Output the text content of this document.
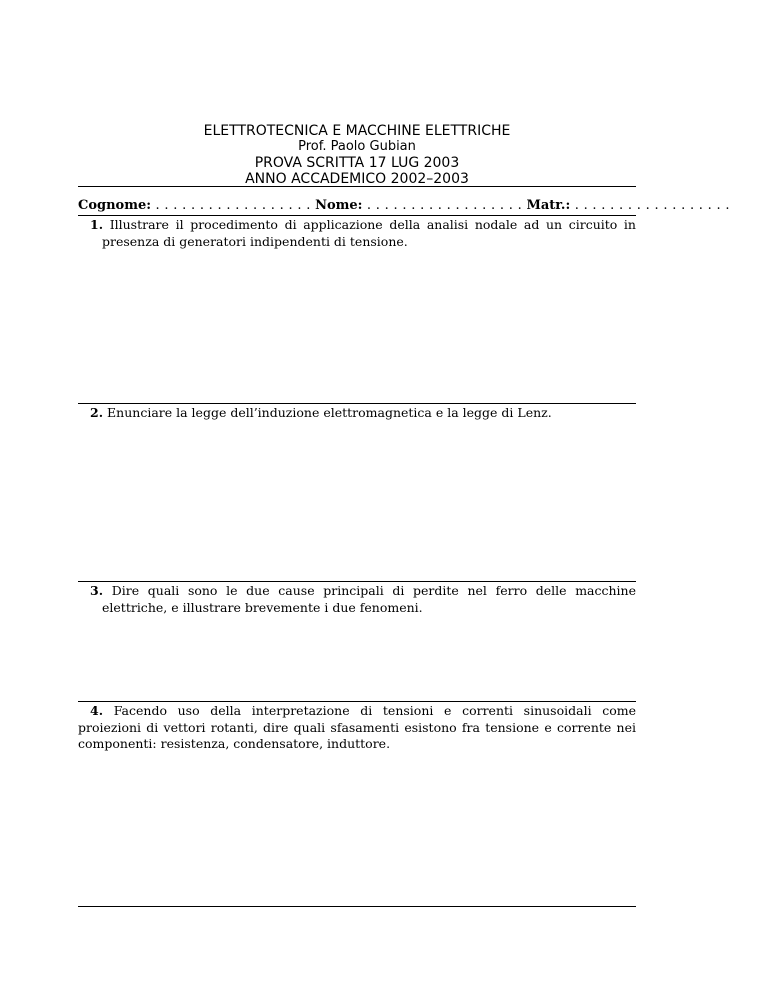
ELETTROTECNICA E MACCHINE ELETTRICHE
Prof. Paolo Gubian
PROVA SCRITTA 17 LUG 2003
ANNO ACCADEMICO 2002–2003
Cognome: . . . . . . . . . . . . . . . . . . Nome: . . . . . . . . . . . . . . . . . . Matr.: . . . . . . . . . . . . . . . . . .
1. Illustrare il procedimento di applicazione della analisi nodale ad un circuito in presenza di generatori indipendenti di tensione.
2. Enunciare la legge dell’induzione elettromagnetica e la legge di Lenz.
3. Dire quali sono le due cause principali di perdite nel ferro delle macchine elettriche, e illustrare brevemente i due fenomeni.
4. Facendo uso della interpretazione di tensioni e correnti sinusoidali come proiezioni di vettori rotanti, dire quali sfasamenti esistono fra tensione e corrente nei componenti: resistenza, condensatore, induttore.
